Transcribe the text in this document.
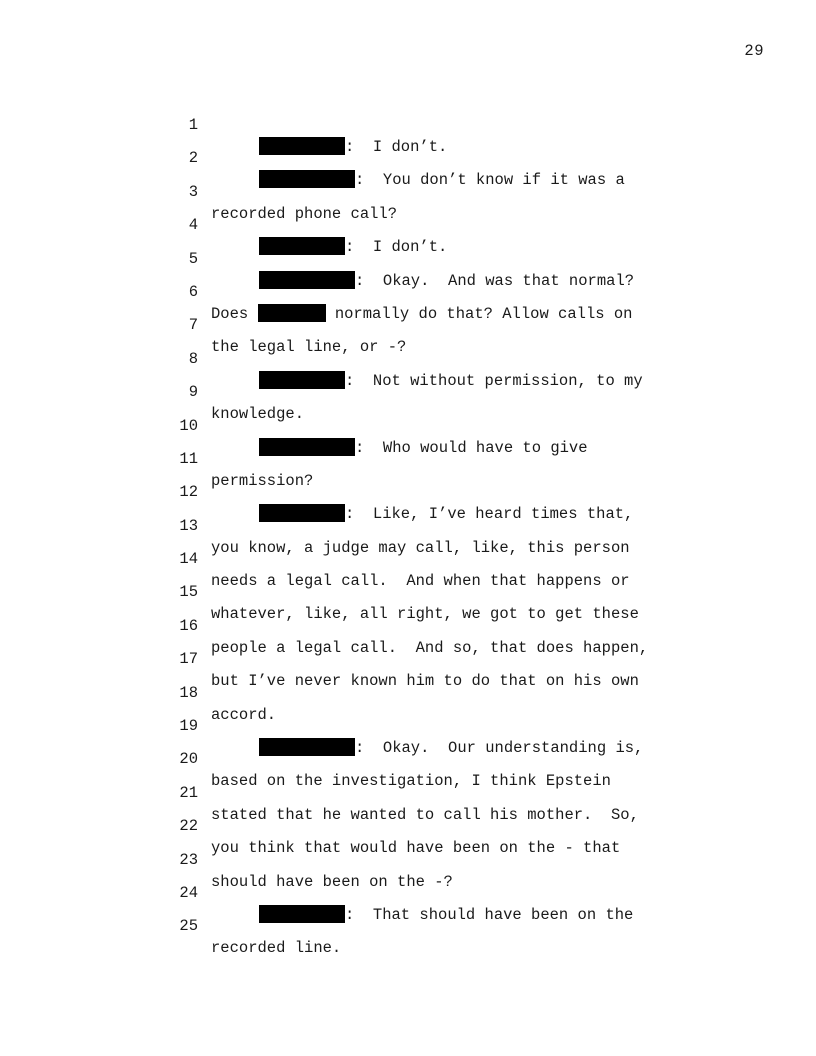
29

1

:  I don’t.

2

:  You don’t know if it was a

3

recorded phone call?

4

:  I don’t.

5

:  Okay.  And was that normal?

6

Does	normally do that? Allow calls on

7

the legal line, or -?

8

:  Not without permission, to my

9

knowledge.

10

:  Who would have to give

11

permission?

12

:  Like, I’ve heard times that,

13

you know, a judge may call, like, this person

14

needs a legal call.  And when that happens or

15

whatever, like, all right, we got to get these

16

people a legal call.  And so, that does happen,

17

but I’ve never known him to do that on his own

18

accord.

19

:  Okay.  Our understanding is,

20

based on the investigation, I think Epstein

21

stated that he wanted to call his mother.  So,

22

you think that would have been on the - that

23

should have been on the -?

24

:  That should have been on the

25

recorded line.
